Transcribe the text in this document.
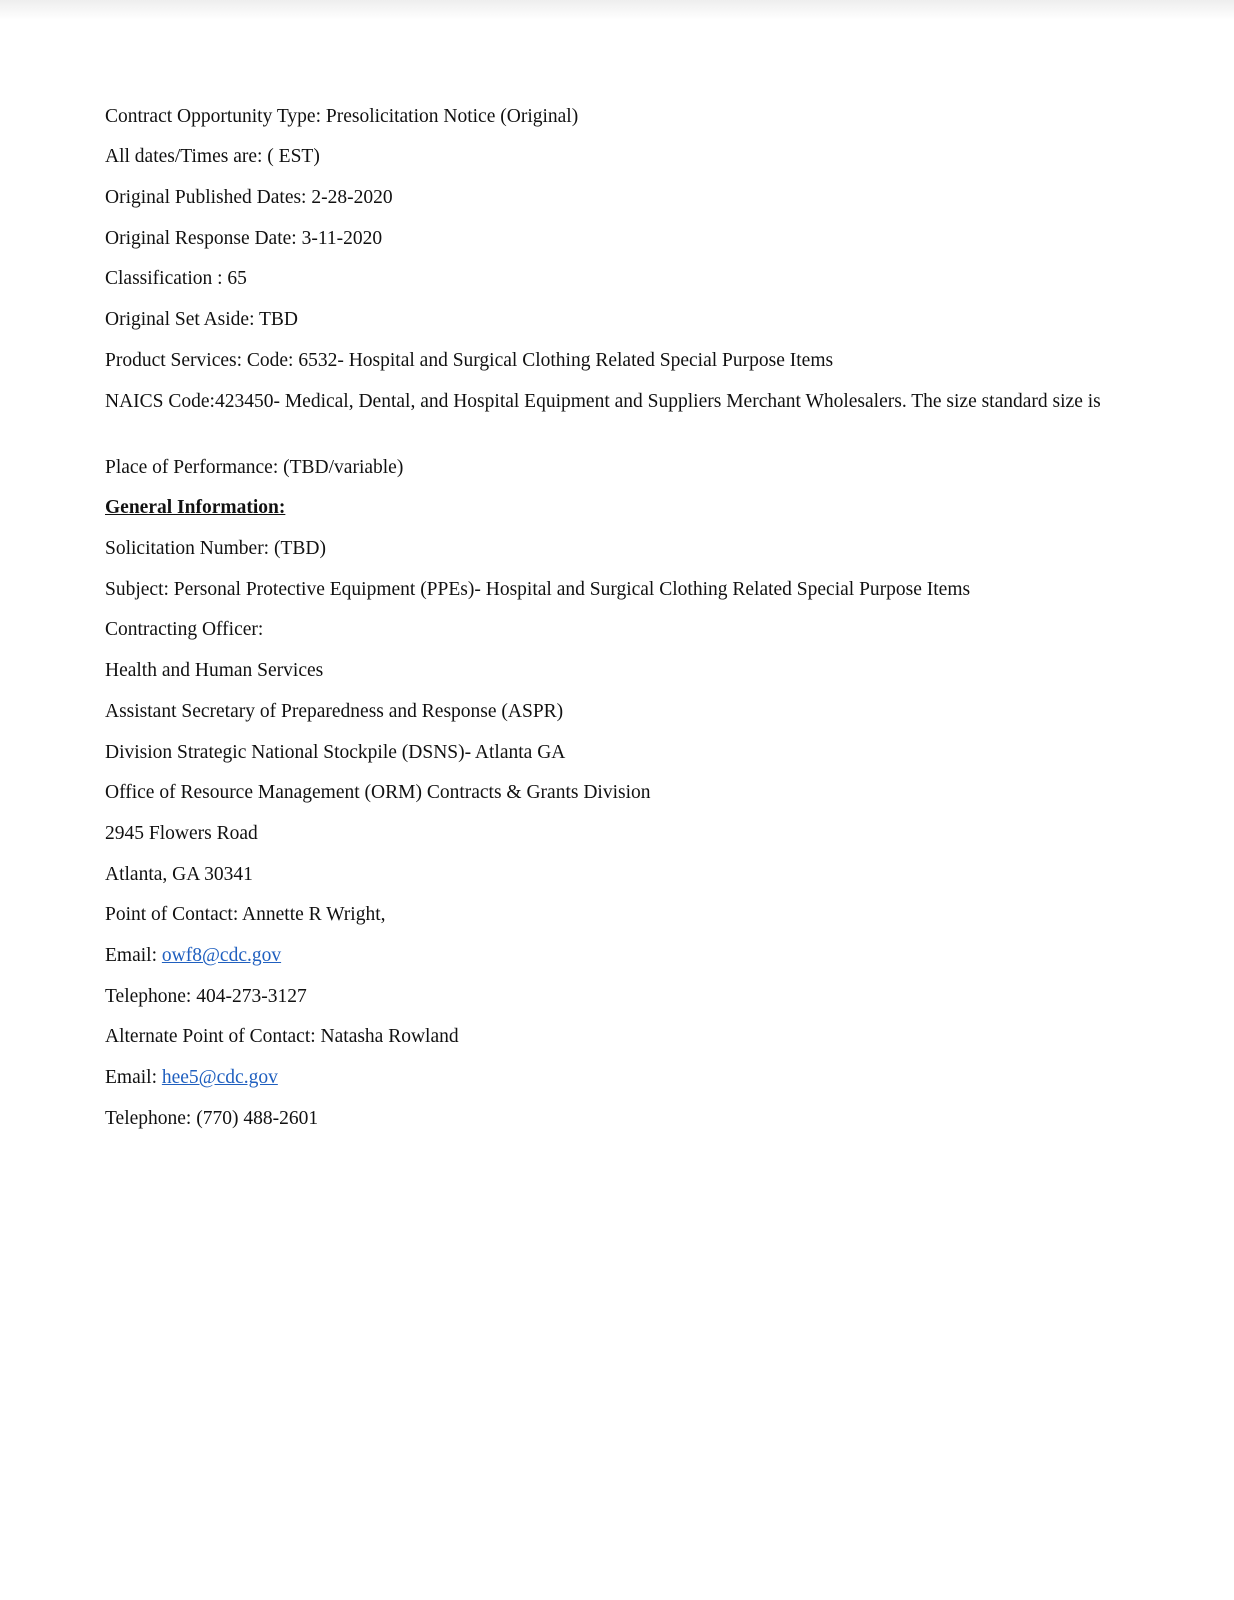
Contract Opportunity Type: Presolicitation Notice (Original)
All dates/Times are: ( EST)
Original Published Dates: 2-28-2020
Original Response Date: 3-11-2020
Classification : 65
Original Set Aside: TBD
Product Services: Code: 6532- Hospital and Surgical Clothing Related Special Purpose Items
NAICS Code:423450- Medical, Dental, and Hospital Equipment and Suppliers Merchant Wholesalers. The size standard size is
Place of Performance: (TBD/variable)
General Information:
Solicitation Number: (TBD)
Subject: Personal Protective Equipment (PPEs)- Hospital and Surgical Clothing Related Special Purpose Items
Contracting Officer:
Health and Human Services
Assistant Secretary of Preparedness and Response (ASPR)
Division Strategic National Stockpile (DSNS)- Atlanta GA
Office of Resource Management (ORM) Contracts & Grants Division
2945 Flowers Road
Atlanta, GA 30341
Point of Contact: Annette R Wright,
Email: owf8@cdc.gov
Telephone: 404-273-3127
Alternate Point of Contact: Natasha Rowland
Email: hee5@cdc.gov
Telephone: (770) 488-2601
